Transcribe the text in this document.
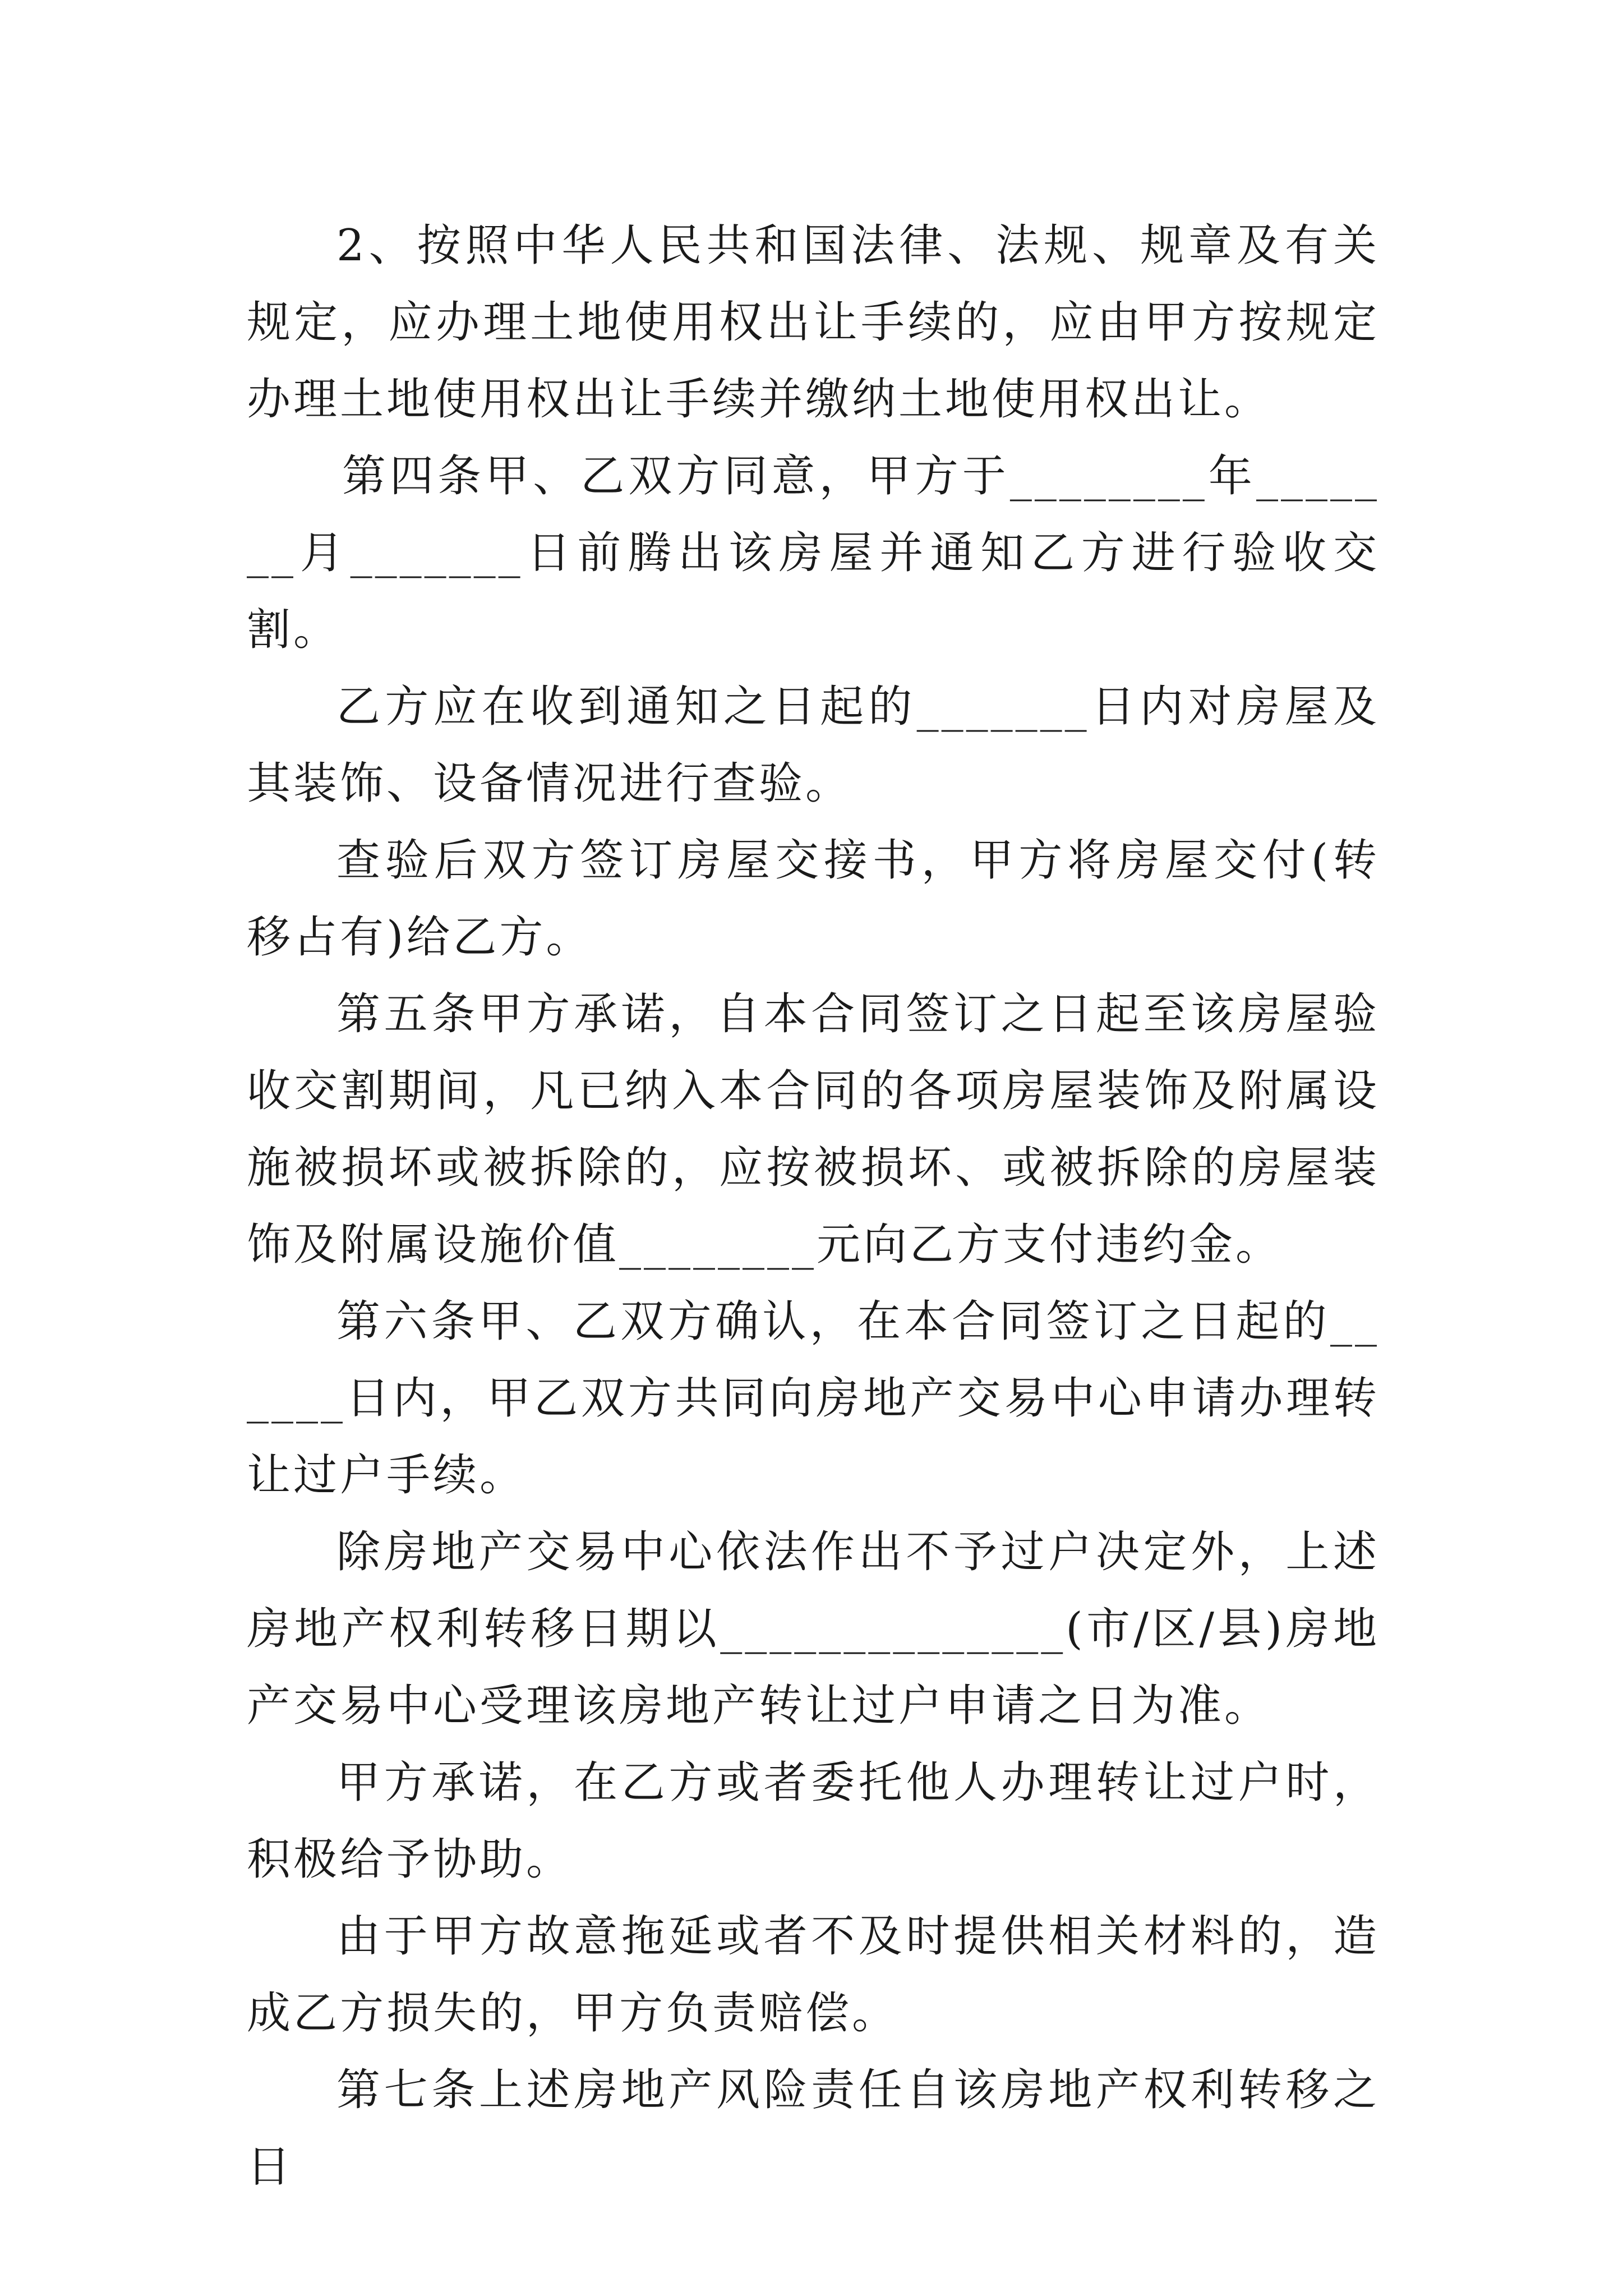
2、按照中华人民共和国法律、法规、规章及有关规定，应办理土地使用权出让手续的，应由甲方按规定办理土地使用权出让手续并缴纳土地使用权出让。

第四条甲、乙双方同意，甲方于________年_______月_______日前腾出该房屋并通知乙方进行验收交割。

乙方应在收到通知之日起的_______日内对房屋及其装饰、设备情况进行查验。

查验后双方签订房屋交接书，甲方将房屋交付(转移占有)给乙方。

第五条甲方承诺，自本合同签订之日起至该房屋验收交割期间，凡已纳入本合同的各项房屋装饰及附属设施被损坏或被拆除的，应按被损坏、或被拆除的房屋装饰及附属设施价值________元向乙方支付违约金。

第六条甲、乙双方确认，在本合同签订之日起的______日内，甲乙双方共同向房地产交易中心申请办理转让过户手续。

除房地产交易中心依法作出不予过户决定外，上述房地产权利转移日期以______________(市/区/县)房地产交易中心受理该房地产转让过户申请之日为准。

甲方承诺，在乙方或者委托他人办理转让过户时，积极给予协助。

由于甲方故意拖延或者不及时提供相关材料的，造成乙方损失的，甲方负责赔偿。

第七条上述房地产风险责任自该房地产权利转移之日
